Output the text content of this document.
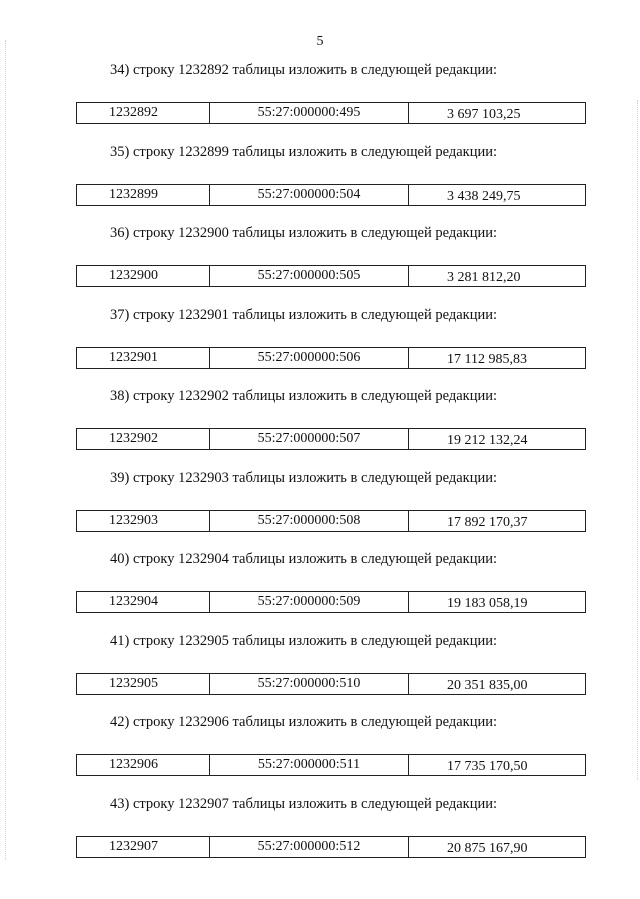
5
34) строку 1232892 таблицы изложить в следующей редакции:
1232892	55:27:000000:495	3 697 103,25
35) строку 1232899 таблицы изложить в следующей редакции:
1232899	55:27:000000:504	3 438 249,75
36) строку 1232900 таблицы изложить в следующей редакции:
1232900	55:27:000000:505	3 281 812,20
37) строку 1232901 таблицы изложить в следующей редакции:
1232901	55:27:000000:506	17 112 985,83
38) строку 1232902 таблицы изложить в следующей редакции:
1232902	55:27:000000:507	19 212 132,24
39) строку 1232903 таблицы изложить в следующей редакции:
1232903	55:27:000000:508	17 892 170,37
40) строку 1232904 таблицы изложить в следующей редакции:
1232904	55:27:000000:509	19 183 058,19
41) строку 1232905 таблицы изложить в следующей редакции:
1232905	55:27:000000:510	20 351 835,00
42) строку 1232906 таблицы изложить в следующей редакции:
1232906	55:27:000000:511	17 735 170,50
43) строку 1232907 таблицы изложить в следующей редакции:
1232907	55:27:000000:512	20 875 167,90
